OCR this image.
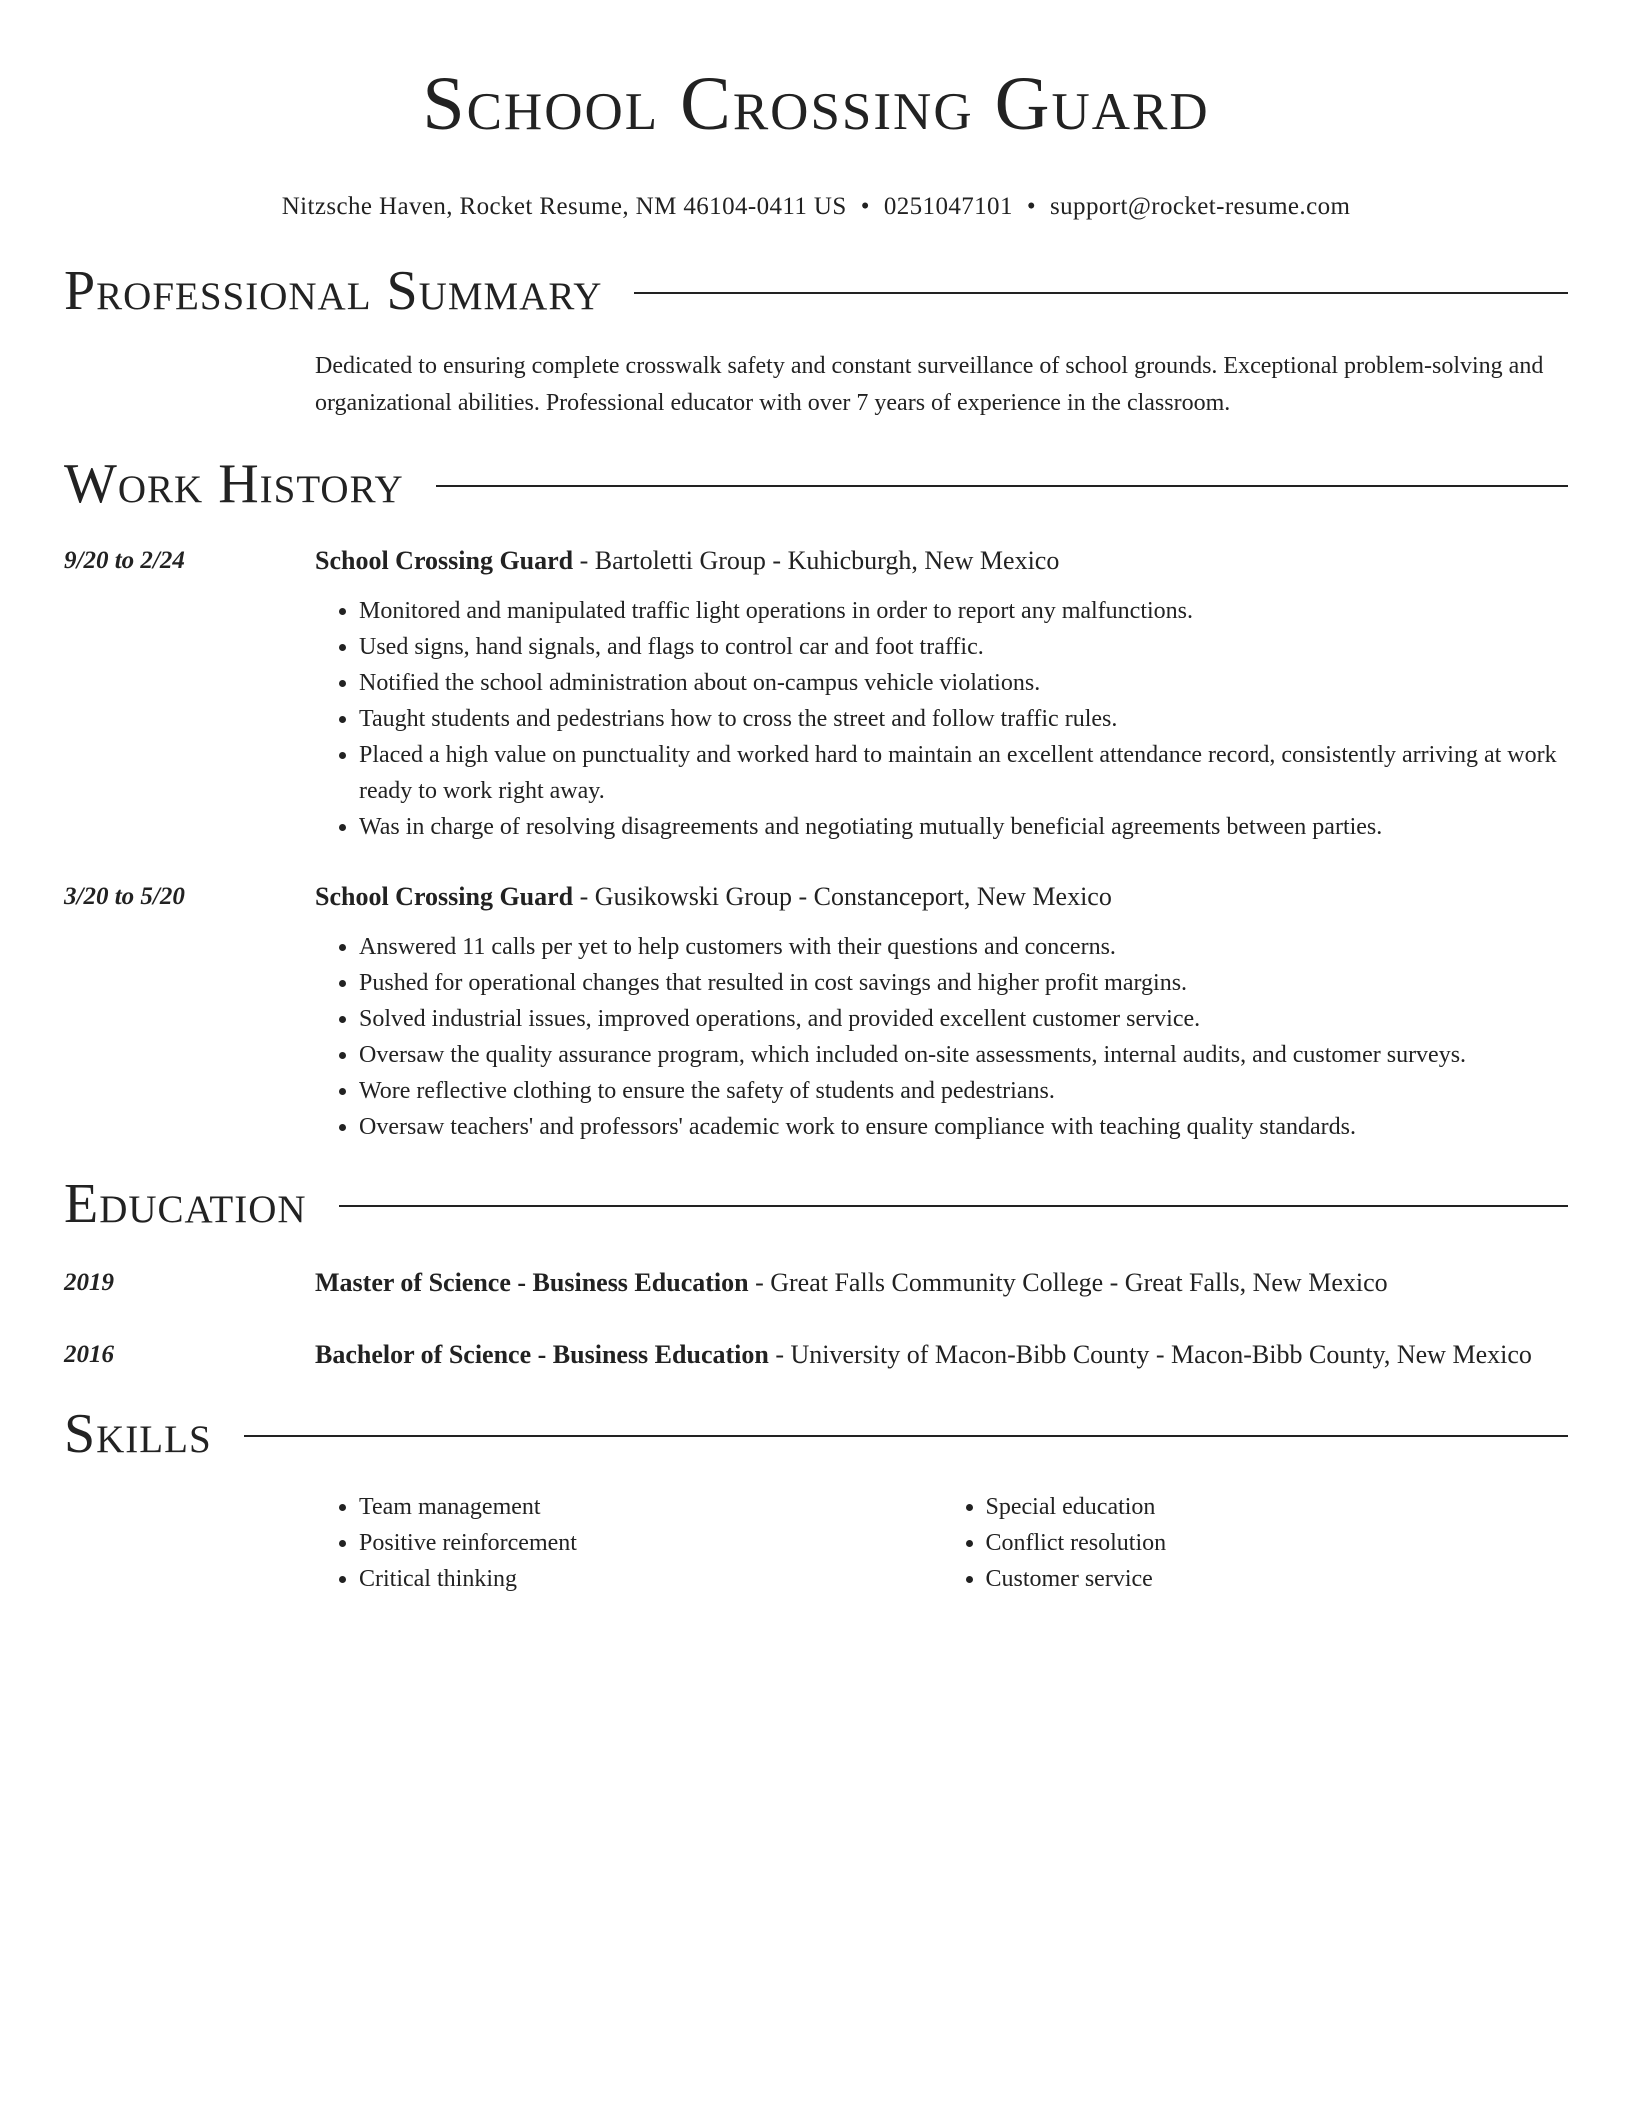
School Crossing Guard
Nitzsche Haven, Rocket Resume, NM 46104-0411 US • 0251047101 • support@rocket-resume.com
Professional Summary
Dedicated to ensuring complete crosswalk safety and constant surveillance of school grounds. Exceptional problem-solving and organizational abilities. Professional educator with over 7 years of experience in the classroom.
Work History
9/20 to 2/24	School Crossing Guard - Bartoletti Group - Kuhicburgh, New Mexico
• Monitored and manipulated traffic light operations in order to report any malfunctions.
• Used signs, hand signals, and flags to control car and foot traffic.
• Notified the school administration about on-campus vehicle violations.
• Taught students and pedestrians how to cross the street and follow traffic rules.
• Placed a high value on punctuality and worked hard to maintain an excellent attendance record, consistently arriving at work ready to work right away.
• Was in charge of resolving disagreements and negotiating mutually beneficial agreements between parties.
3/20 to 5/20	School Crossing Guard - Gusikowski Group - Constanceport, New Mexico
• Answered 11 calls per yet to help customers with their questions and concerns.
• Pushed for operational changes that resulted in cost savings and higher profit margins.
• Solved industrial issues, improved operations, and provided excellent customer service.
• Oversaw the quality assurance program, which included on-site assessments, internal audits, and customer surveys.
• Wore reflective clothing to ensure the safety of students and pedestrians.
• Oversaw teachers' and professors' academic work to ensure compliance with teaching quality standards.
Education
2019	Master of Science - Business Education - Great Falls Community College - Great Falls, New Mexico
2016	Bachelor of Science - Business Education - University of Macon-Bibb County - Macon-Bibb County, New Mexico
Skills
• Team management
• Positive reinforcement
• Critical thinking
• Special education
• Conflict resolution
• Customer service
